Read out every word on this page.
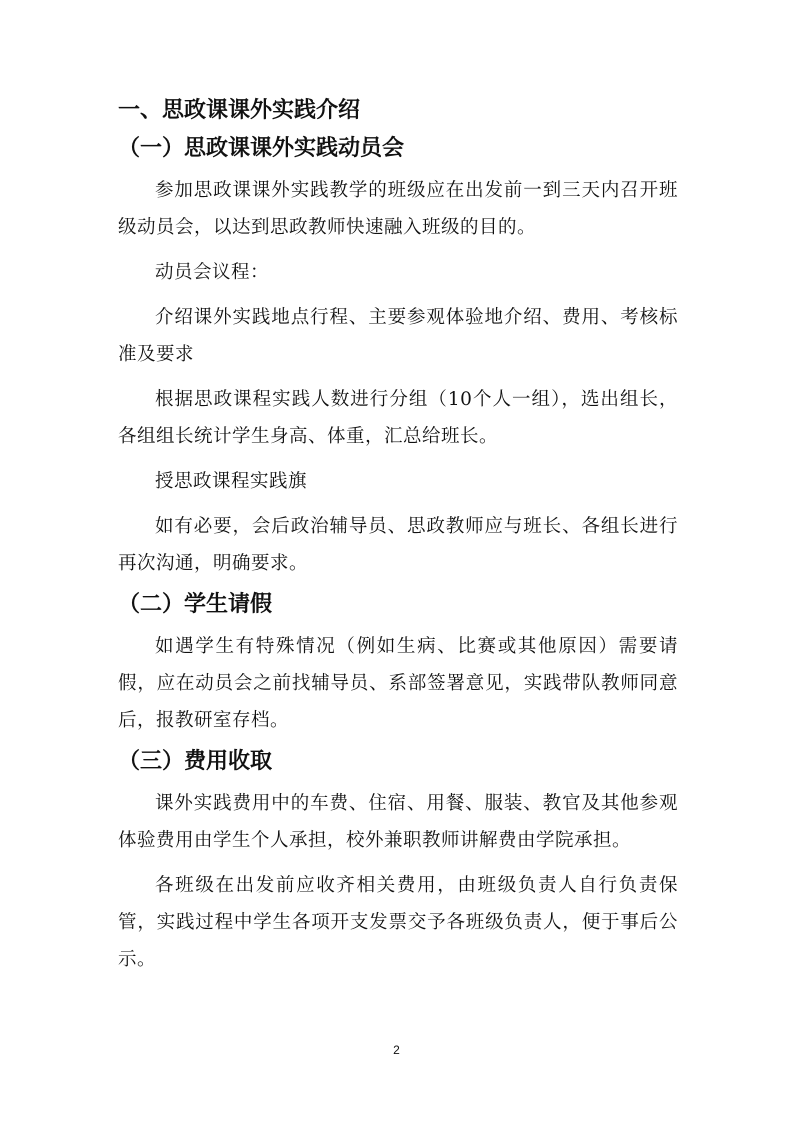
一、思政课课外实践介绍
（一）思政课课外实践动员会

参加思政课课外实践教学的班级应在出发前一到三天内召开班级动员会，以达到思政教师快速融入班级的目的。

动员会议程：

介绍课外实践地点行程、主要参观体验地介绍、费用、考核标准及要求

根据思政课程实践人数进行分组（10个人一组），选出组长，各组组长统计学生身高、体重，汇总给班长。

授思政课程实践旗

如有必要，会后政治辅导员、思政教师应与班长、各组长进行再次沟通，明确要求。

（二）学生请假

如遇学生有特殊情况（例如生病、比赛或其他原因）需要请假，应在动员会之前找辅导员、系部签署意见，实践带队教师同意后，报教研室存档。

（三）费用收取

课外实践费用中的车费、住宿、用餐、服装、教官及其他参观体验费用由学生个人承担，校外兼职教师讲解费由学院承担。

各班级在出发前应收齐相关费用，由班级负责人自行负责保管，实践过程中学生各项开支发票交予各班级负责人，便于事后公示。

2
